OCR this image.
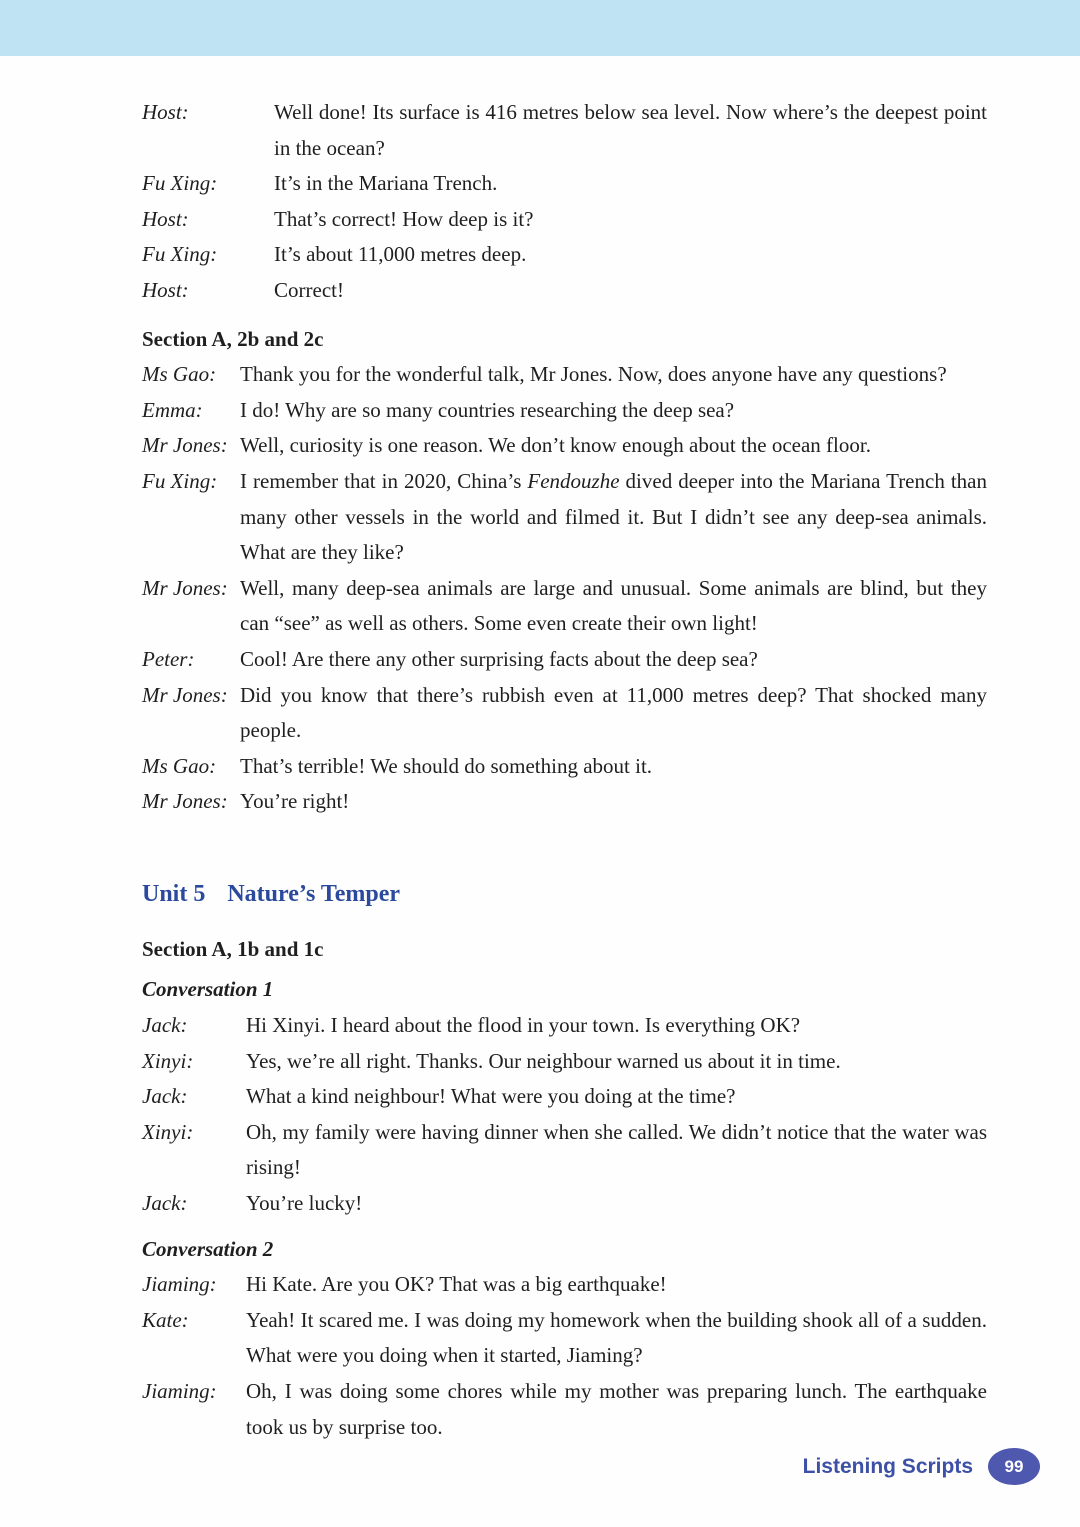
Host:	Well done! Its surface is 416 metres below sea level. Now where’s the deepest point in the ocean?
Fu Xing:	It’s in the Mariana Trench.
Host:	That’s correct! How deep is it?
Fu Xing:	It’s about 11,000 metres deep.
Host:	Correct!
Section A, 2b and 2c
Ms Gao:	Thank you for the wonderful talk, Mr Jones. Now, does anyone have any questions?
Emma:	I do! Why are so many countries researching the deep sea?
Mr Jones: Well, curiosity is one reason. We don’t know enough about the ocean floor.
Fu Xing:	I remember that in 2020, China’s Fendouzhe dived deeper into the Mariana Trench than many other vessels in the world and filmed it. But I didn’t see any deep-sea animals. What are they like?
Mr Jones: Well, many deep-sea animals are large and unusual. Some animals are blind, but they can “see” as well as others. Some even create their own light!
Peter:	Cool! Are there any other surprising facts about the deep sea?
Mr Jones: Did you know that there’s rubbish even at 11,000 metres deep? That shocked many people.
Ms Gao:	That’s terrible! We should do something about it.
Mr Jones: You’re right!
Unit 5 Nature’s Temper
Section A, 1b and 1c
Conversation 1
Jack:	Hi Xinyi. I heard about the flood in your town. Is everything OK?
Xinyi:	Yes, we’re all right. Thanks. Our neighbour warned us about it in time.
Jack:	What a kind neighbour! What were you doing at the time?
Xinyi:	Oh, my family were having dinner when she called. We didn’t notice that the water was rising!
Jack:	You’re lucky!
Conversation 2
Jiaming:	Hi Kate. Are you OK? That was a big earthquake!
Kate:	Yeah! It scared me. I was doing my homework when the building shook all of a sudden. What were you doing when it started, Jiaming?
Jiaming:	Oh, I was doing some chores while my mother was preparing lunch. The earthquake took us by surprise too.
Listening Scripts	99
